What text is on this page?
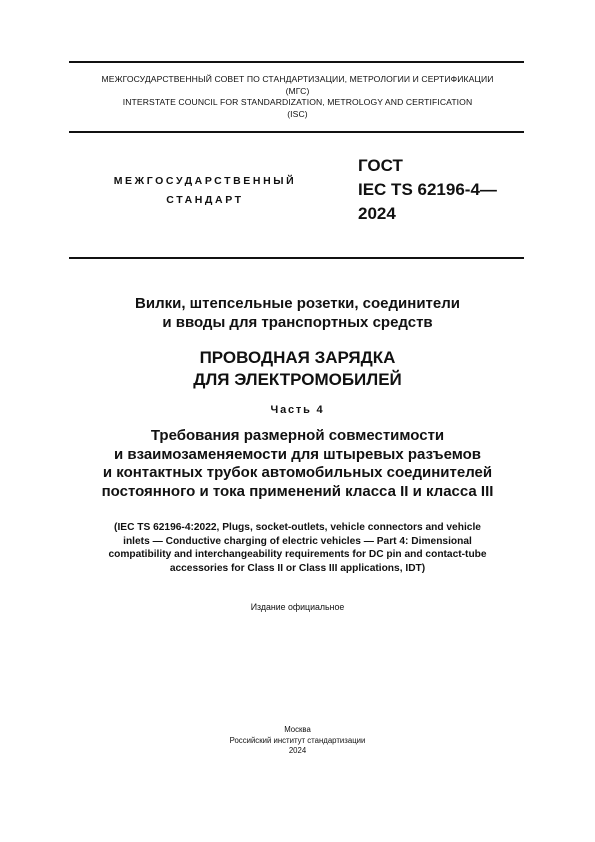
МЕЖГОСУДАРСТВЕННЫЙ СОВЕТ ПО СТАНДАРТИЗАЦИИ, МЕТРОЛОГИИ И СЕРТИФИКАЦИИ
(МГС)
INTERSTATE COUNCIL FOR STANDARDIZATION, METROLOGY AND CERTIFICATION
(ISC)
МЕЖГОСУДАРСТВЕННЫЙ
СТАНДАРТ
ГОСТ
IEC TS 62196-4—
2024
Вилки, штепсельные розетки, соединители
и вводы для транспортных средств
ПРОВОДНАЯ ЗАРЯДКА
ДЛЯ ЭЛЕКТРОМОБИЛЕЙ
Часть 4
Требования размерной совместимости
и взаимозаменяемости для штыревых разъемов
и контактных трубок автомобильных соединителей
постоянного и тока применений класса II и класса III
(IEC TS 62196-4:2022, Plugs, socket-outlets, vehicle connectors and vehicle
inlets — Conductive charging of electric vehicles — Part 4: Dimensional
compatibility and interchangeability requirements for DC pin and contact-tube
accessories for Class II or Class III applications, IDT)
Издание официальное
Москва
Российский институт стандартизации
2024
